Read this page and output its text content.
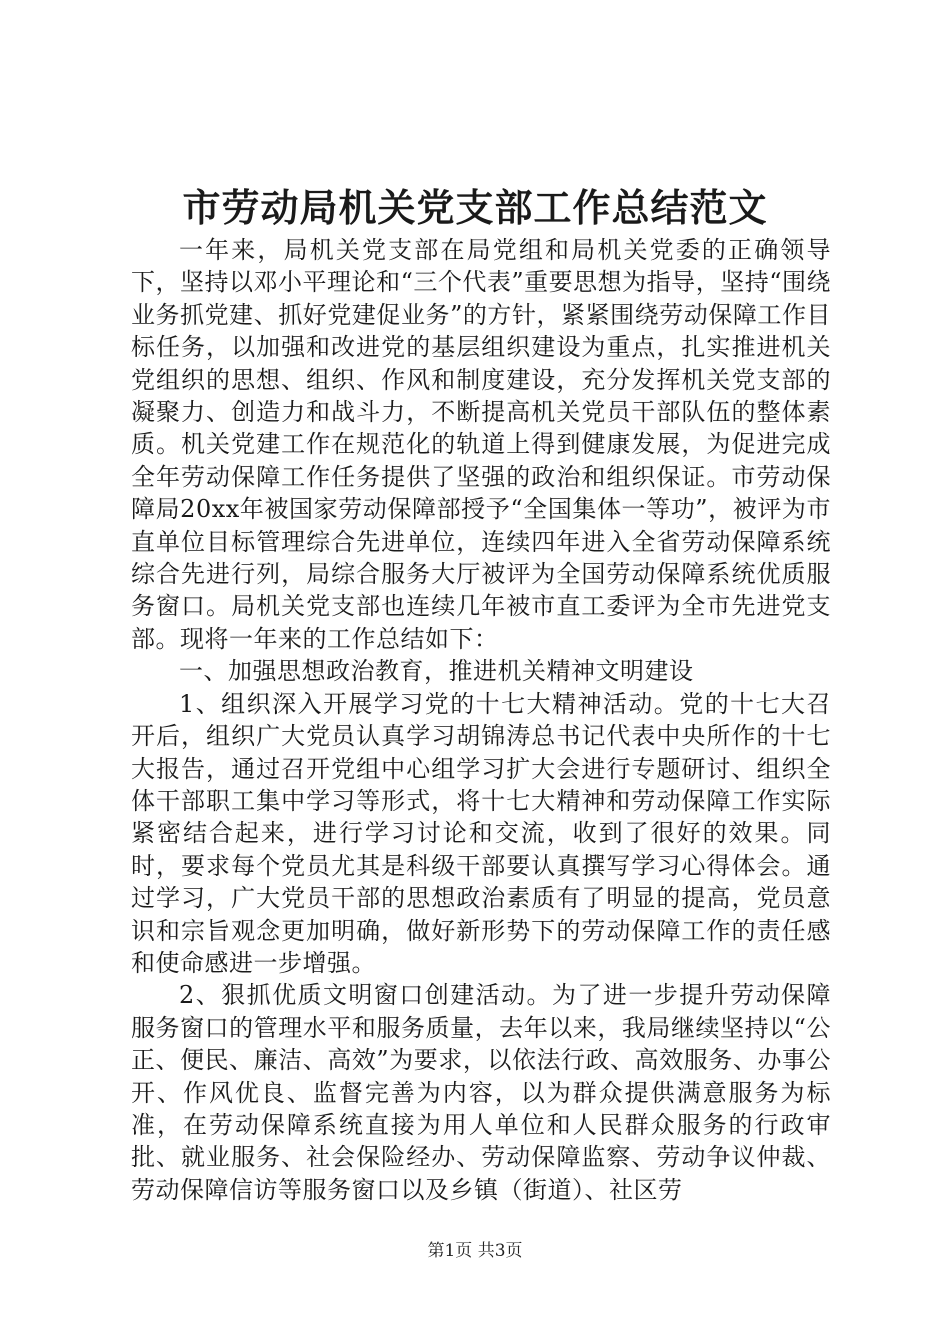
市劳动局机关党支部工作总结范文

一年来，局机关党支部在局党组和局机关党委的正确领导下，坚持以邓小平理论和“三个代表”重要思想为指导，坚持“围绕业务抓党建、抓好党建促业务”的方针，紧紧围绕劳动保障工作目标任务，以加强和改进党的基层组织建设为重点，扎实推进机关党组织的思想、组织、作风和制度建设，充分发挥机关党支部的凝聚力、创造力和战斗力，不断提高机关党员干部队伍的整体素质。机关党建工作在规范化的轨道上得到健康发展，为促进完成全年劳动保障工作任务提供了坚强的政治和组织保证。市劳动保障局20xx年被国家劳动保障部授予“全国集体一等功”，被评为市直单位目标管理综合先进单位，连续四年进入全省劳动保障系统综合先进行列，局综合服务大厅被评为全国劳动保障系统优质服务窗口。局机关党支部也连续几年被市直工委评为全市先进党支部。现将一年来的工作总结如下：

一、加强思想政治教育，推进机关精神文明建设

1、组织深入开展学习党的十七大精神活动。党的十七大召开后，组织广大党员认真学习胡锦涛总书记代表中央所作的十七大报告，通过召开党组中心组学习扩大会进行专题研讨、组织全体干部职工集中学习等形式，将十七大精神和劳动保障工作实际紧密结合起来，进行学习讨论和交流，收到了很好的效果。同时，要求每个党员尤其是科级干部要认真撰写学习心得体会。通过学习，广大党员干部的思想政治素质有了明显的提高，党员意识和宗旨观念更加明确，做好新形势下的劳动保障工作的责任感和使命感进一步增强。

2、狠抓优质文明窗口创建活动。为了进一步提升劳动保障服务窗口的管理水平和服务质量，去年以来，我局继续坚持以“公正、便民、廉洁、高效”为要求，以依法行政、高效服务、办事公开、作风优良、监督完善为内容，以为群众提供满意服务为标准，在劳动保障系统直接为用人单位和人民群众服务的行政审批、就业服务、社会保险经办、劳动保障监察、劳动争议仲裁、劳动保障信访等服务窗口以及乡镇（街道）、社区劳

第1页 共3页
